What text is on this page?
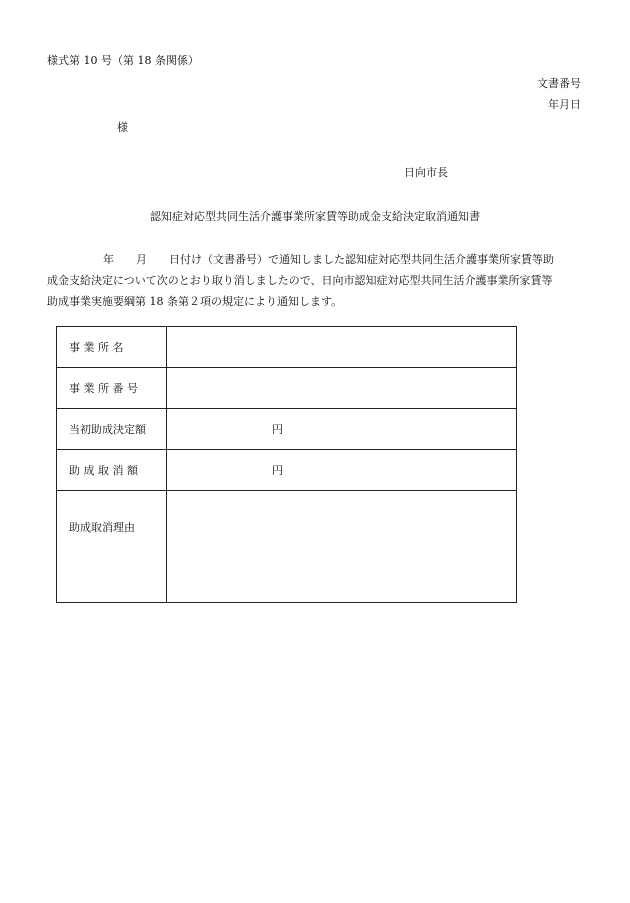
様式第 10 号（第 18 条関係）
文書番号
年月日
様
日向市長
認知症対応型共同生活介護事業所家賃等助成金支給決定取消通知書
年 月 日付け（文書番号）で通知しました認知症対応型共同生活介護事業所家賃等助
成金支給決定について次のとおり取り消しましたので、日向市認知症対応型共同生活介護事業所家賃等
助成事業実施要綱第 18 条第２項の規定により通知します。
事 業 所 名	
事 業 所 番 号	
当初助成決定額	円

助 成 取 消 額	円

助成取消理由	
